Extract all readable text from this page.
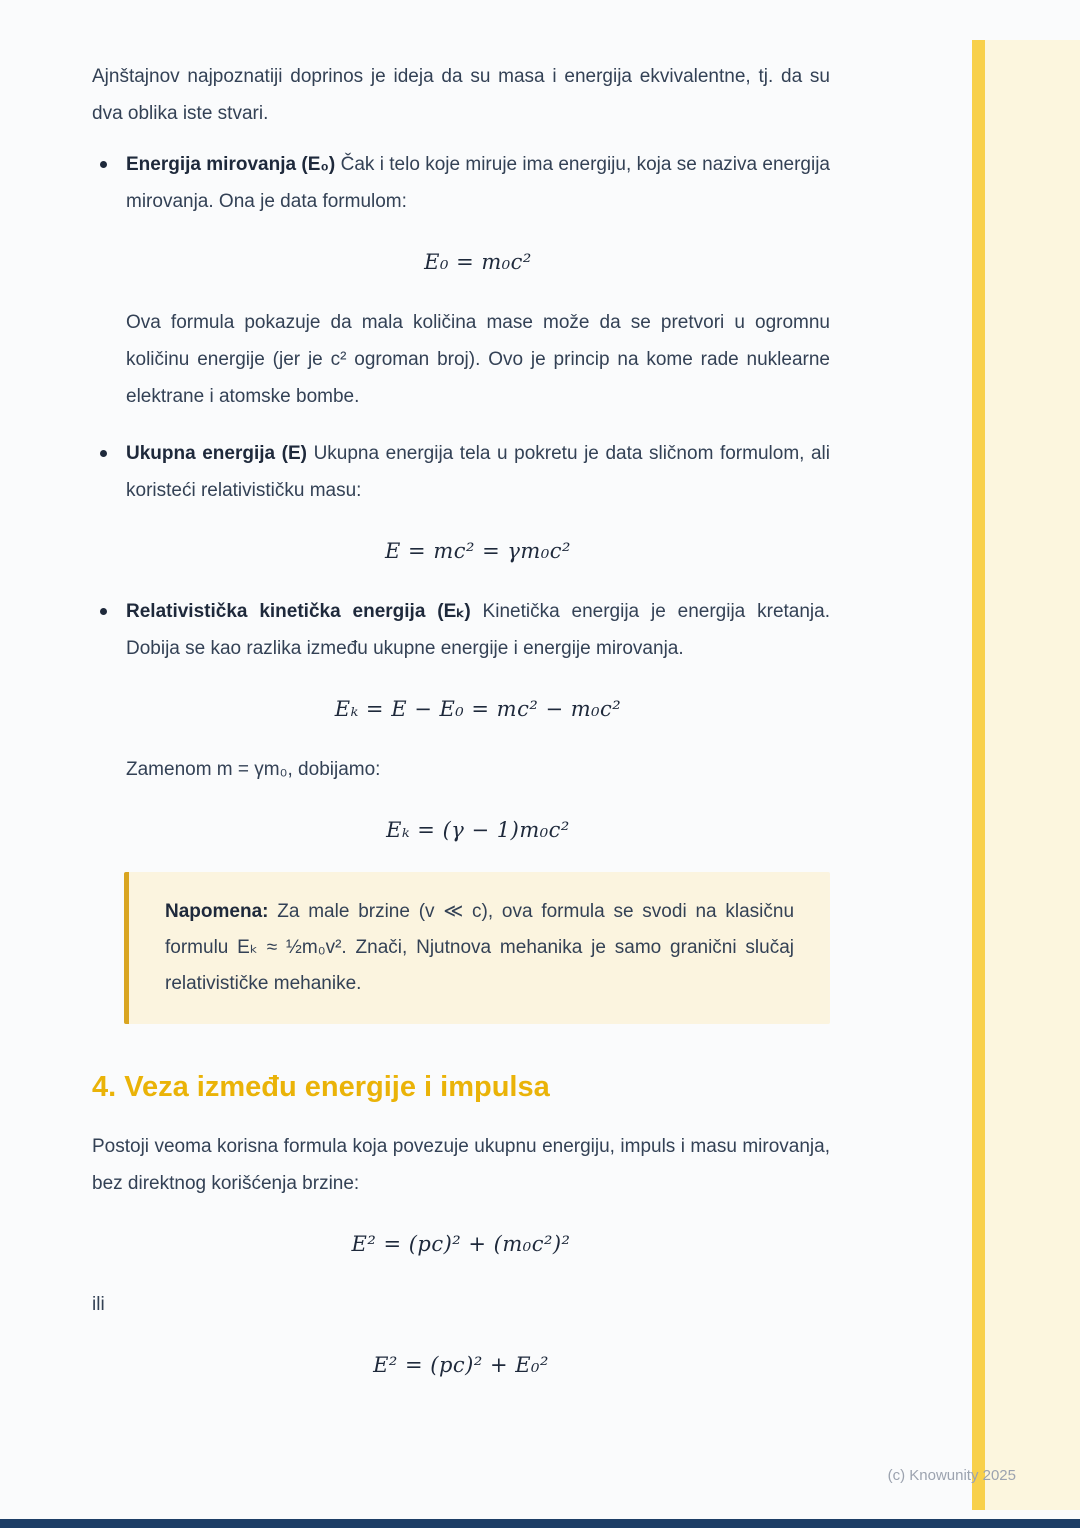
Ajnštajnov najpoznatiji doprinos je ideja da su masa i energija ekvivalentne, tj. da su dva oblika iste stvari.

Energija mirovanja (E₀) Čak i telo koje miruje ima energiju, koja se naziva energija mirovanja. Ona je data formulom:

E₀ = m₀c²

Ova formula pokazuje da mala količina mase može da se pretvori u ogromnu količinu energije (jer je c² ogroman broj). Ovo je princip na kome rade nuklearne elektrane i atomske bombe.

Ukupna energija (E) Ukupna energija tela u pokretu je data sličnom formulom, ali koristeći relativističku masu:

E = mc² = γm₀c²

Relativistička kinetička energija (Eₖ) Kinetička energija je energija kretanja. Dobija se kao razlika između ukupne energije i energije mirovanja.

Eₖ = E − E₀ = mc² − m₀c²

Zamenom m = γm₀, dobijamo:

Eₖ = (γ − 1)m₀c²

Napomena: Za male brzine (v ≪ c), ova formula se svodi na klasičnu formulu Eₖ ≈ ½m₀v². Znači, Njutnova mehanika je samo granični slučaj relativističke mehanike.

4. Veza između energije i impulsa

Postoji veoma korisna formula koja povezuje ukupnu energiju, impuls i masu mirovanja, bez direktnog korišćenja brzine:

E² = (pc)² + (m₀c²)²

ili

E² = (pc)² + E₀²
(c) Knowunity 2025
